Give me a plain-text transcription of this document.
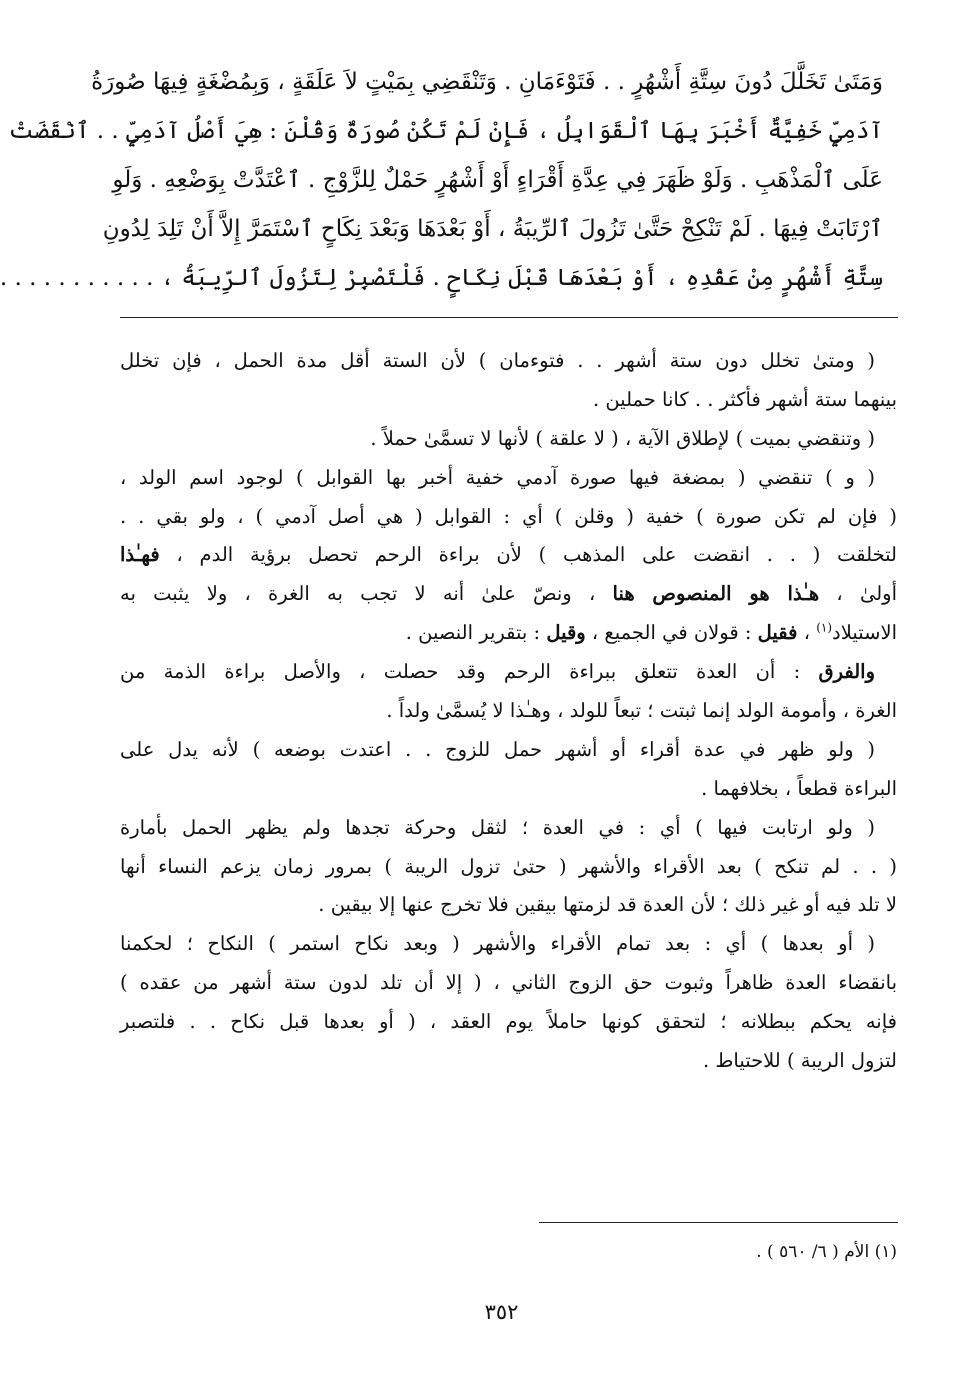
وَمَتَىٰ تَخَلَّلَ دُونَ سِتَّةِ أَشْهُرٍ . . فَتَوْءَمَانِ . وَتَنْقَضِي بِمَيْتٍ لاَ عَلَقَةٍ ، وَبِمُضْغَةٍ فِيهَا صُورَةُ
آدَمِيٍّ خَفِيَّةٌ أَخْبَرَ بِهَا ٱلْقَوَابِلُ ، فَإِنْ لَمْ تَكُنْ صُورَةٌ وَقُلْنَ : هِيَ أَصْلُ آدَمِيٍّ . . ٱنْقَضَتْ
عَلَى ٱلْمَذْهَبِ . وَلَوْ ظَهَرَ فِي عِدَّةِ أَقْرَاءٍ أَوْ أَشْهُرٍ حَمْلٌ لِلزَّوْجِ . ٱعْتَدَّتْ بِوَضْعِهِ . وَلَوِ
ٱرْتَابَتْ فِيهَا . لَمْ تَنْكِحْ حَتَّىٰ تَزُولَ ٱلرِّيبَةُ ، أَوْ بَعْدَهَا وَبَعْدَ نِكَاحٍ ٱسْتَمَرَّ إِلاَّ أَنْ تَلِدَ لِدُونِ
سِتَّةِ أَشْهُرٍ مِنْ عَقْدِهِ ، أَوْ بَعْدَهَا قَبْلَ نِكَاحٍ . فَلْتَصْبِرْ لِتَزُولَ ٱلرِّيبَةُ ، . . . . . . . . . . .
( ومتىٰ تخلل دون ستة أشهر . . فتوءمان ) لأن الستة أقل مدة الحمل ، فإن تخلل
بينهما ستة أشهر فأكثر . . كانا حملين .
( وتنقضي بميت ) لإطلاق الآية ، ( لا علقة ) لأنها لا تسمَّىٰ حملاً .
( و ) تنقضي ( بمضغة فيها صورة آدمي خفية أخبر بها القوابل ) لوجود اسم الولد ،
( فإن لم تكن صورة ) خفية ( وقلن ) أي : القوابل ( هي أصل آدمي ) ، ولو بقي . .
لتخلقت ( . . انقضت على المذهب ) لأن براءة الرحم تحصل برؤية الدم ، فهـٰذا
أولىٰ ، هـٰذا هو المنصوص هنا ، ونصّ علىٰ أنه لا تجب به الغرة ، ولا يثبت به
الاستيلاد$^{(١)}$ ، فقيل : قولان في الجميع ، وقيل : بتقرير النصين .
والفرق : أن العدة تتعلق ببراءة الرحم وقد حصلت ، والأصل براءة الذمة من
الغرة ، وأمومة الولد إنما ثبتت ؛ تبعاً للولد ، وهـٰذا لا يُسمَّىٰ ولداً .
( ولو ظهر في عدة أقراء أو أشهر حمل للزوج . . اعتدت بوضعه ) لأنه يدل على
البراءة قطعاً ، بخلافهما .
( ولو ارتابت فيها ) أي : في العدة ؛ لثقل وحركة تجدها ولم يظهر الحمل بأمارة
( . . لم تنكح ) بعد الأقراء والأشهر ( حتىٰ تزول الريبة ) بمرور زمان يزعم النساء أنها
لا تلد فيه أو غير ذلك ؛ لأن العدة قد لزمتها بيقين فلا تخرج عنها إلا بيقين .
( أو بعدها ) أي : بعد تمام الأقراء والأشهر ( وبعد نكاح استمر ) النكاح ؛ لحكمنا
بانقضاء العدة ظاهراً وثبوت حق الزوج الثاني ، ( إلا أن تلد لدون ستة أشهر من عقده )
فإنه يحكم ببطلانه ؛ لتحقق كونها حاملاً يوم العقد ، ( أو بعدها قبل نكاح . . فلتصبر
لتزول الريبة ) للاحتياط .
(١) الأم ( ٦/ ٥٦٠ ) .
٣٥٢
